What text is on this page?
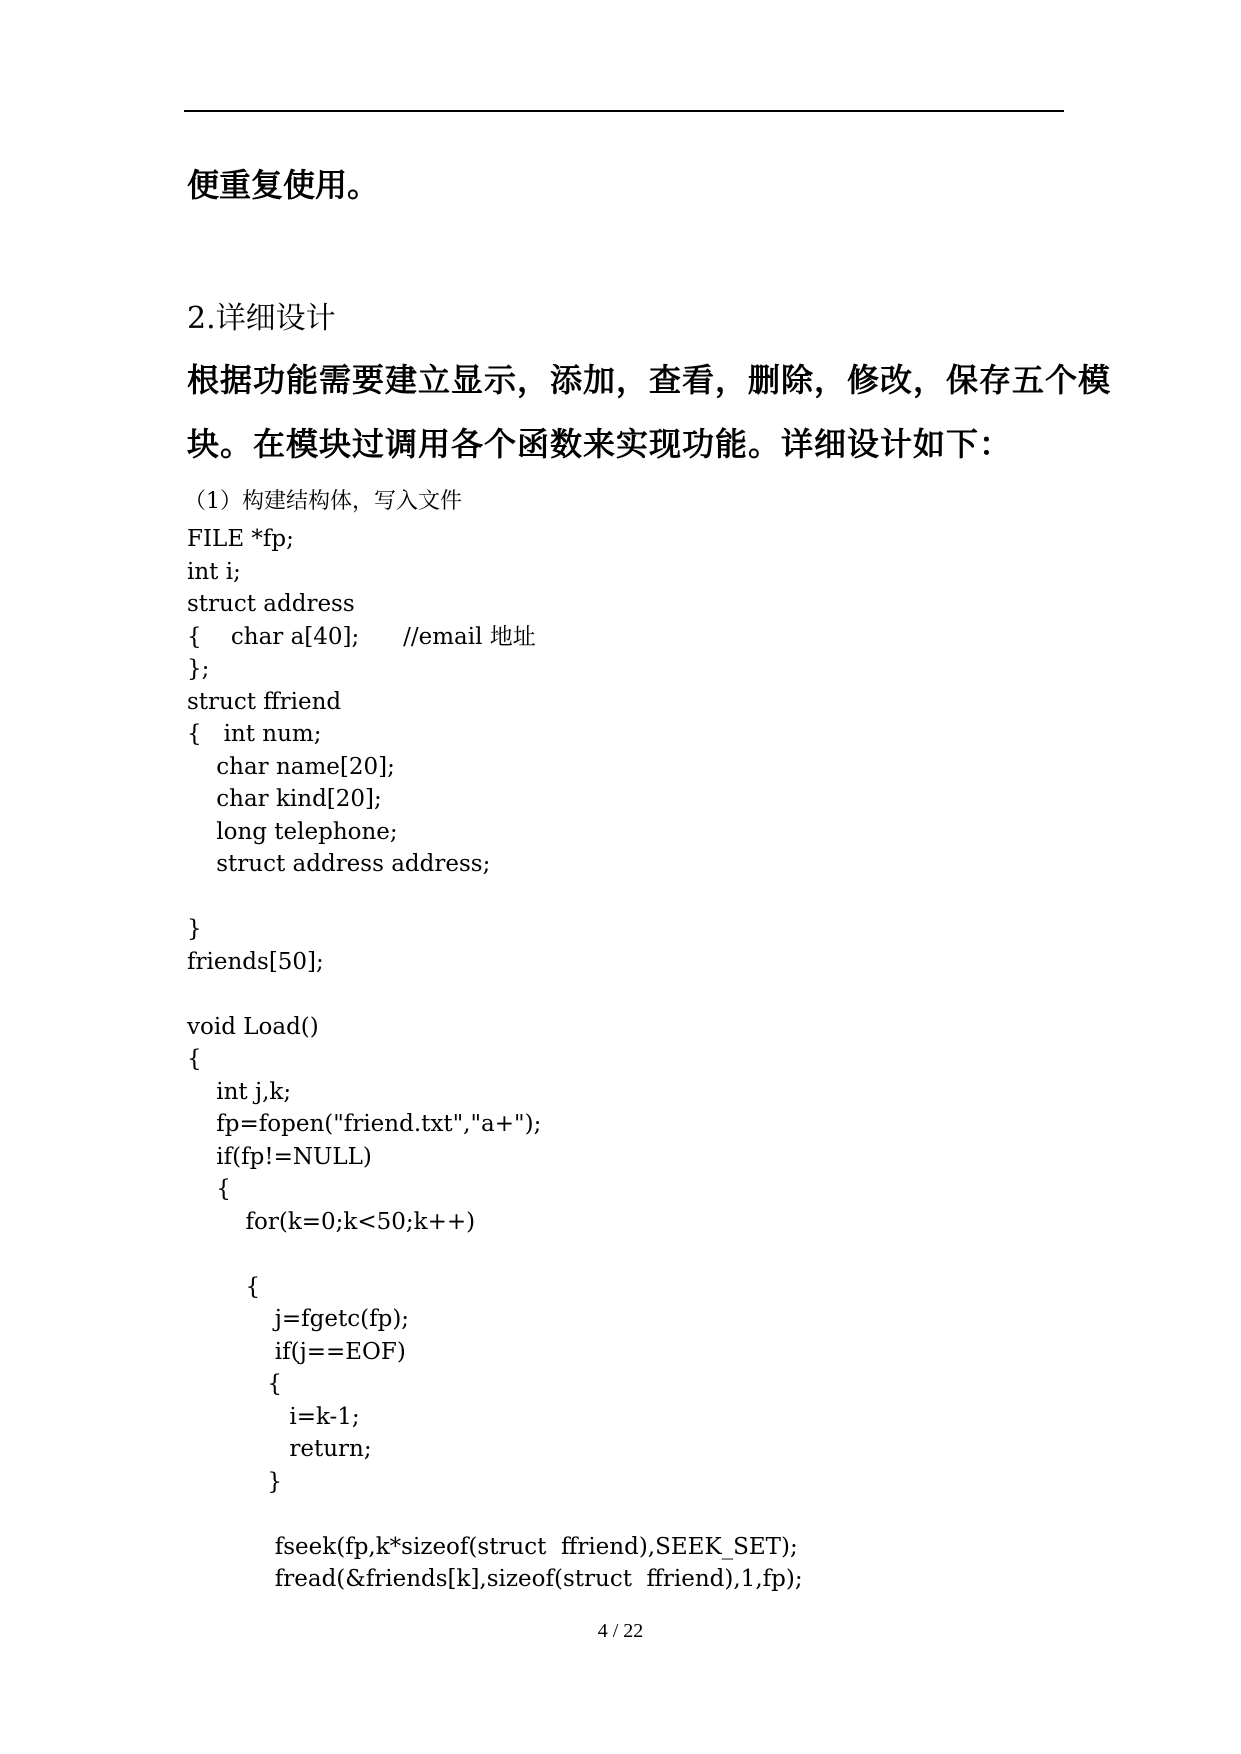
便重复使用。
2.详细设计
根据功能需要建立显示，添加，查看，删除，修改，保存五个模
块。在模块过调用各个函数来实现功能。详细设计如下：
（1）构建结构体，写入文件
FILE *fp;
int i;
struct address
{    char a[40];      //email 地址
};
struct ffriend
{   int num;
char name[20];
char kind[20];
long telephone;
struct address address;
}
friends[50];
void Load()
{
int j,k;
fp=fopen("friend.txt","a+");
if(fp!=NULL)
{
for(k=0;k<50;k++)
{
j=fgetc(fp);
if(j==EOF)
{
i=k-1;
return;
}
fseek(fp,k*sizeof(struct  ffriend),SEEK_SET);
fread(&friends[k],sizeof(struct  ffriend),1,fp);
4 / 22
